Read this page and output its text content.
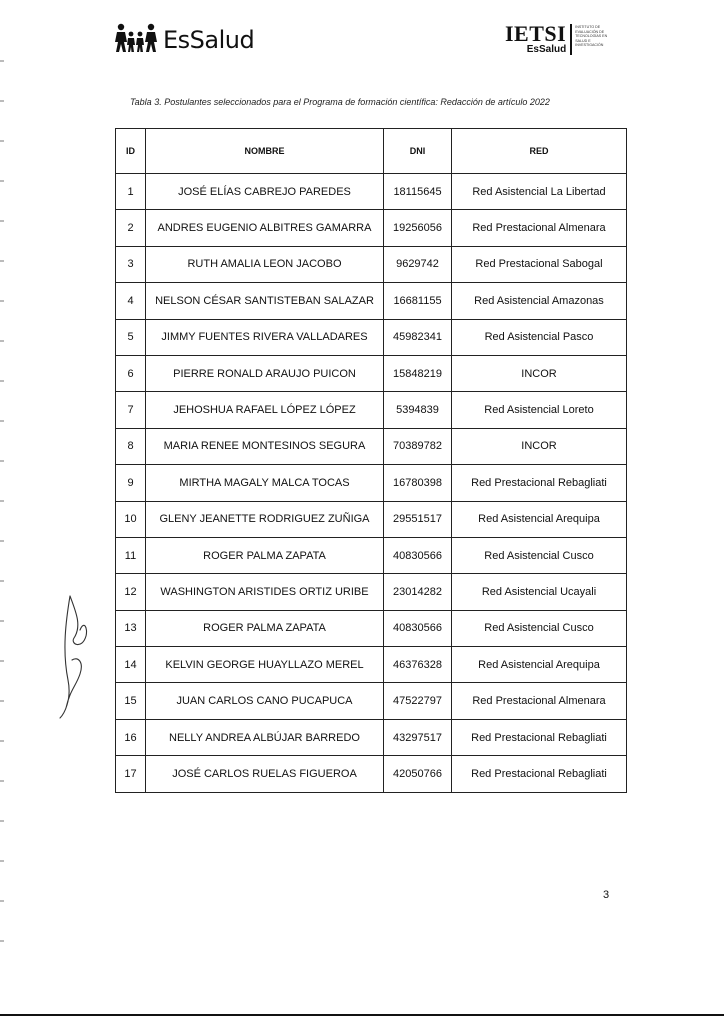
EsSalud	IETSI
EsSalud
INSTITUTO DE EVALUACIÓN DE TECNOLOGÍAS EN SALUD E INVESTIGACIÓN
Tabla 3. Postulantes seleccionados para el Programa de formación científica: Redacción de artículo 2022
ID	NOMBRE	DNI	RED
1	JOSÉ ELÍAS CABREJO PAREDES	18115645	Red Asistencial La Libertad
2	ANDRES EUGENIO ALBITRES GAMARRA	19256056	Red Prestacional Almenara
3	RUTH AMALIA LEON JACOBO	9629742	Red Prestacional Sabogal
4	NELSON CÉSAR SANTISTEBAN SALAZAR	16681155	Red Asistencial Amazonas
5	JIMMY FUENTES RIVERA VALLADARES	45982341	Red Asistencial Pasco
6	PIERRE RONALD ARAUJO PUICON	15848219	INCOR
7	JEHOSHUA RAFAEL LÓPEZ LÓPEZ	5394839	Red Asistencial Loreto
8	MARIA RENEE MONTESINOS SEGURA	70389782	INCOR
9	MIRTHA MAGALY MALCA TOCAS	16780398	Red Prestacional Rebagliati
10	GLENY JEANETTE RODRIGUEZ ZUÑIGA	29551517	Red Asistencial Arequipa
11	ROGER PALMA ZAPATA	40830566	Red Asistencial Cusco
12	WASHINGTON ARISTIDES ORTIZ URIBE	23014282	Red Asistencial Ucayali
13	ROGER PALMA ZAPATA	40830566	Red Asistencial Cusco
14	KELVIN GEORGE HUAYLLAZO MEREL	46376328	Red Asistencial Arequipa
15	JUAN CARLOS CANO PUCAPUCA	47522797	Red Prestacional Almenara
16	NELLY ANDREA ALBÚJAR BARREDO	43297517	Red Prestacional Rebagliati
17	JOSÉ CARLOS RUELAS FIGUEROA	42050766	Red Prestacional Rebagliati
3
